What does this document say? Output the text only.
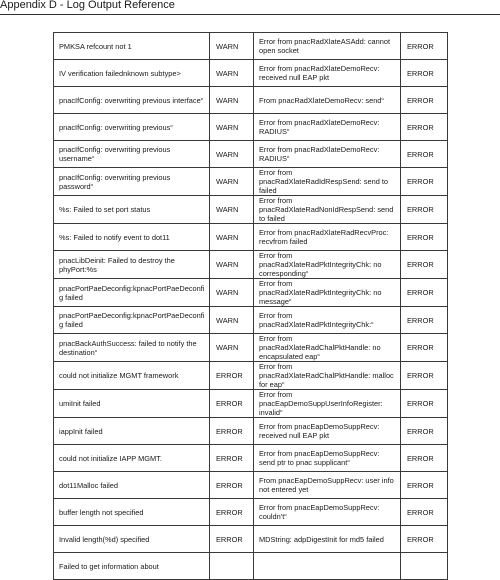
Appendix D - Log Output Reference
PMKSA refcount not 1	WARN	Error from pnacRadXlateASAdd: cannot open socket	ERROR
IV verification failednknown subtype>	WARN	Error from pnacRadXlateDemoRecv: received null EAP pkt	ERROR
pnacIfConfig: overwriting previous interface“	WARN	From pnacRadXlateDemoRecv: send“	ERROR
pnacIfConfig: overwriting previous“	WARN	Error from pnacRadXlateDemoRecv: RADIUS“	ERROR
pnacIfConfig: overwriting previous username“	WARN	Error from pnacRadXlateDemoRecv: RADIUS“	ERROR
pnacIfConfig: overwriting previous password“	WARN	Error from pnacRadXlateRadIdRespSend: send to failed	ERROR
%s: Failed to set port status	WARN	Error from pnacRadXlateRadNonIdRespSend: send to failed	ERROR
%s: Failed to notify event to dot11	WARN	Error from pnacRadXlateRadRecvProc: recvfrom failed	ERROR
pnacLibDeinit: Failed to destroy the phyPort:%s	WARN	Error from pnacRadXlateRadPktIntegrityChk: no corresponding“	ERROR
pnacPortPaeDeconfig:kpnacPortPaeDeconfig failed	WARN	Error from pnacRadXlateRadPktIntegrityChk: no message“	ERROR
pnacPortPaeDeconfig:kpnacPortPaeDeconfig failed	WARN	Error from pnacRadXlateRadPktIntegrityChk:“	ERROR
pnacBackAuthSuccess: failed to notify the destination“	WARN	Error from pnacRadXlateRadChalPktHandle: no encapsulated eap“	ERROR
could not initialize MGMT framework	ERROR	Error from pnacRadXlateRadChalPktHandle: malloc for eap“	ERROR
umiInit failed	ERROR	Error from pnacEapDemoSuppUserInfoRegister: invalid“	ERROR
iappInit failed	ERROR	Error from pnacEapDemoSuppRecv: received null EAP pkt	ERROR
could not initialize IAPP MGMT.	ERROR	Error from pnacEapDemoSuppRecv: send ptr to pnac supplicant“	ERROR
dot11Malloc failed	ERROR	From pnacEapDemoSuppRecv: user info not entered yet	ERROR
buffer length not specified	ERROR	Error from pnacEapDemoSuppRecv: couldn't“	ERROR
Invalid length(%d) specified	ERROR	MDString: adpDigestInit for md5 failed	ERROR
Failed to get information about			
